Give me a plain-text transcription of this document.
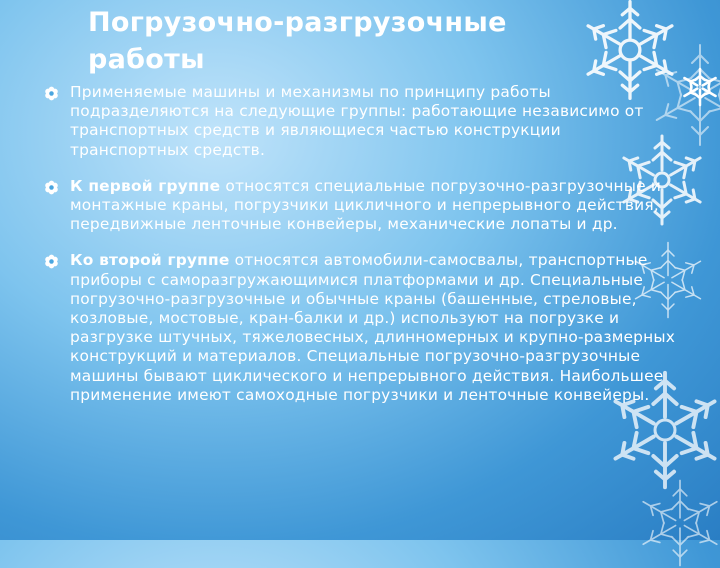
Погрузочно-разгрузочные
работы
Применяемые машины и механизмы по принципу работы подразделяются на следующие группы: работающие независимо от транспортных средств и являющиеся частью конструкции транспортных средств.
К первой группе относятся специальные погрузочно-разгрузочные и монтажные краны, погрузчики цикличного и непрерывного действия, передвижные ленточные конвейеры, механические лопаты и др.
Ко второй группе относятся автомобили-самосвалы, транспортные приборы с саморазгружающимися платформами и др. Специальные погрузочно-разгрузочные и обычные краны (башенные, стреловые, козловые, мостовые, кран-балки и др.) используют на погрузке и разгрузке штучных, тяжеловесных, длинномерных и крупно-размерных конструкций и материалов. Специальные погрузочно-разгрузочные машины бывают циклического и непрерывного действия. Наибольшее применение имеют самоходные погрузчики и ленточные конвейеры.
